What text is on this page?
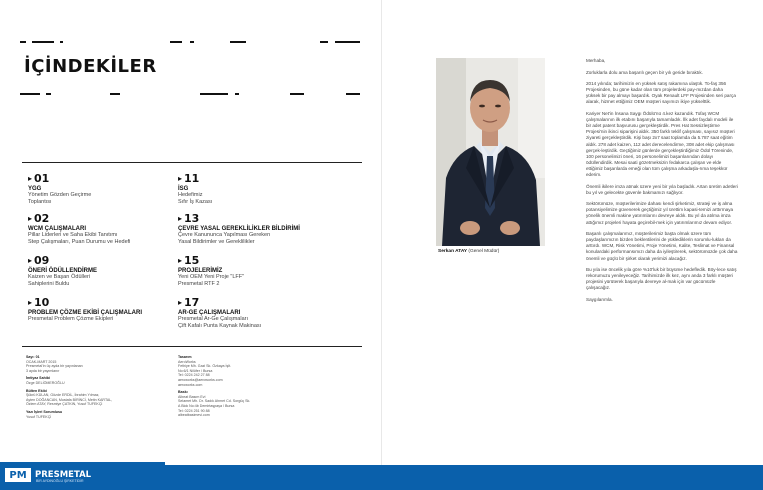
İÇİNDEKİLER
▸ 01
YGG
Yönetim Gözden Geçirme
Toplantısı
▸ 11
İSG
Hedefimiz
Sıfır İş Kazası
▸ 02
WCM ÇALIŞMALARI
Pillar Liderleri ve Saha Ekibi Tanıtımı
Step Çalışmaları, Puan Durumu ve Hedefi
▸ 13
ÇEVRE YASAL GEREKLİLİKLER BİLDİRİMİ
Çevre Kanununca Yapılması Gereken
Yasal Bildirimler ve Gereklilikler
▸ 09
ÖNERİ ÖDÜLLENDİRME
Kaizen ve Başarı Ödülleri
Sahiplerini Buldu
▸ 15
PROJELERİMİZ
Yeni OEM Yeni Proje "LFF"
Presmetal RTF 2
▸ 10
PROBLEM ÇÖZME EKİBİ ÇALIŞMALARI
Presmetal Problem Çözme Ekipleri
▸ 17
AR-GE ÇALIŞMALARI
Presmetal Ar-Ge Çalışmaları
Çift Kafalı Punta Kaynak Makinası
Sayı: 01
OCAK-MART 2015
Presmetal'in üç ayda bir yayınlanan
3 ayda bir yayımlanır
İmtiyaz Sahibi
Özge DELİÖMEROĞLU
Bülten Ekibi
Şükrü KÜLAN, Gözde ERDİL, İbrahim Yılmaz,
Ayten DOĞANCAN, Mustafa BİRİNCİ, Metin KARTAL,
Özlem ATAY, Resmiye ÇATKIN, Yusuf TUFEKÇİ
Yazı İşleri Sorumlusu
Yusuf TUFEKÇİ
Tasarım
AeroWorks
Fethiye Mh. Gazi Sk. Özkaya İşlt.
No:6/1 Nilüfer / Bursa
Tel: 0224 242 27 88
aeroworks@aeroworks.com
aeroworks.com
Baskı
Albeat Basım Evi
Selamet Mh. Dr. Sadık Ahmet Cd. Sorgüç Sk.
A Blok No:4b Demirtaşpaşa / Bursa
Tel: 0224 251 90 88
albeatbasimevi.com
PM PRESMETAL
BİR AYDINOĞLU ŞİRKETİDİR
Serkan ATAY (Genel Müdür)

Merhaba,

Zorluklarla dolu ama başarılı geçen bir yılı geride bıraktık.

2014 yılında; tarihimizin en yüksek satış rakamına ulaştık. To-faş 356 Projesinden, bu güne kadar olan tüm projelerdeki pay-mızdan daha yüksek bir pay almayı başardık. Oyak Renault LFF Projesinden seri parça alarak, hizmet ettiğimiz OEM müşteri sayımızı ikiye yükselttik.

Kariyer Net'in İnsana Saygı Ödülü'nü 4.kez kazandık. Tofaş WCM çalışmalarının ilk etabını başarıyla tamamladık. İlk adet faydalı modeli ile bir adet patent başvurusu gerçekleştirdik. Pres Hat Sessizleştirme Projesi'nin ikinci siparişini aldık. 350 farklı teklif çalışması, sayısız müşteri ziyareti gerçekleştirdik. Kişi başı 2x7 saat toplamda da 5.787 saat eğitim aldık. 278 adet kaizen, 112 adet derecelendirme, 308 adet ekip çalışması gerçek-leştirdik. Geçtiğimiz günlerde gerçekleştirdiğimiz Ödül Töreninde, 100 personelimizi öneri, 16 personelimizi başarılarından dolayı ödüllendirdik. Mesai saati gözetmeksizin fedakarca çalışan ve elde ettiğimiz başarılarda emeği olan tüm çalışma arkadaşla-rıma teşekkür ederim.

Önemli ikilere imza atmak üzere yeni bir yıla başladık. Artan üretim adetleri bu yıl ve gelecekte güvenle bakmamızı sağlıyor.

Sektörümüze, müşterilerimize dahası kendi şirketimiz, strateji ve iş alma potansiyelimize güvenerek geçtiğimiz yıl ürettim kapasi-temizi arttırmaya yönelik önemli makine yatırımlarını devreye aldık. Bu yıl da atılma imza attığımız projeleri hayata geçirebil-mek için yatırımlarımız devam ediyor.

Başarılı çalışmalarımız, müşterilerimiz başta olmak üzere tüm paydaşlarımızın bizden beklentilerini de yüklediklerin sorumlu-lukları da arttırdı. WCM, Risk Yönetimi, Proje Yönetimi, Kalite, Teslimat ve Finansal konulardaki performansımızı daha da iyileştirerek, sektörümüzde çok daha önemli ve güçlü bir şirket olarak yerimizi alacağız.

Bu yıla ise öncelik yıla göre %10'luk bir büyüme hedefledik. Böy-lece satış rekorumuzu yenileyeceğiz. Tarihimizde ilk kez, aynı anda 3 farklı müşteri projesini yürüterek başarıyla devreye al-mak için var gücümüzle çalışacağız.

Saygılarımla.
